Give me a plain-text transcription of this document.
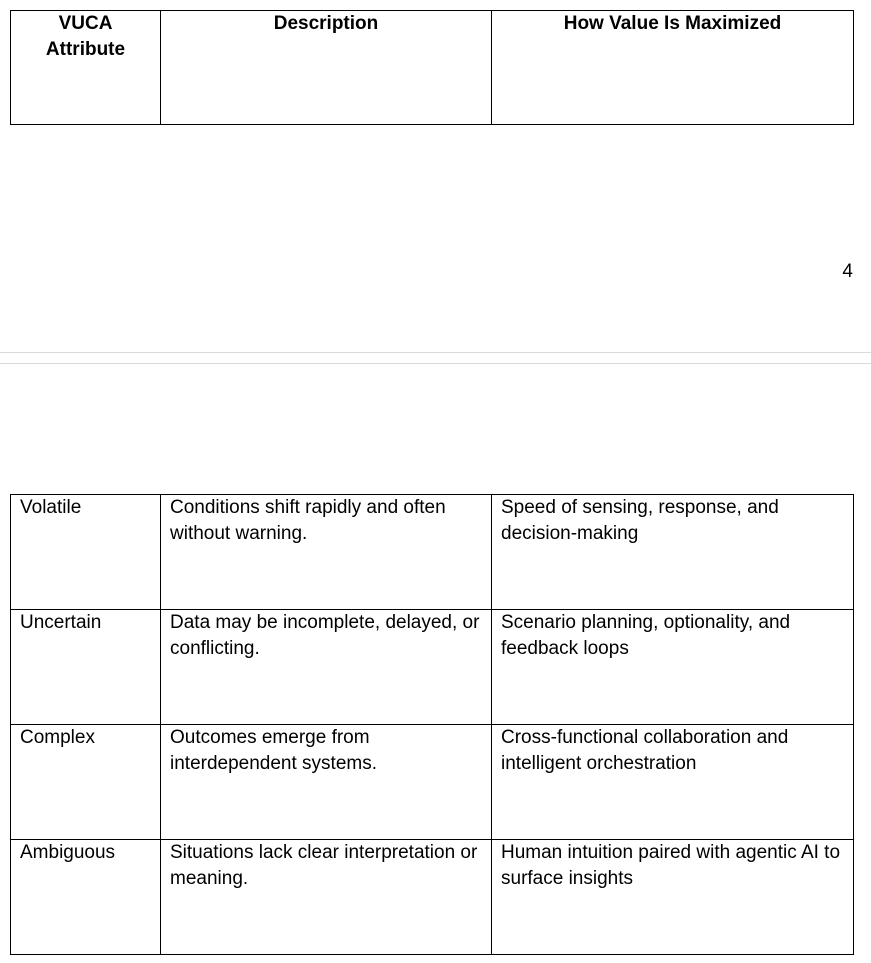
VUCA Attribute	Description	How Value Is Maximized
4
Volatile	Conditions shift rapidly and often without warning.	Speed of sensing, response, and decision-making
Uncertain	Data may be incomplete, delayed, or conflicting.	Scenario planning, optionality, and feedback loops
Complex	Outcomes emerge from interdependent systems.	Cross-functional collaboration and intelligent orchestration
Ambiguous	Situations lack clear interpretation or meaning.	Human intuition paired with agentic AI to surface insights
